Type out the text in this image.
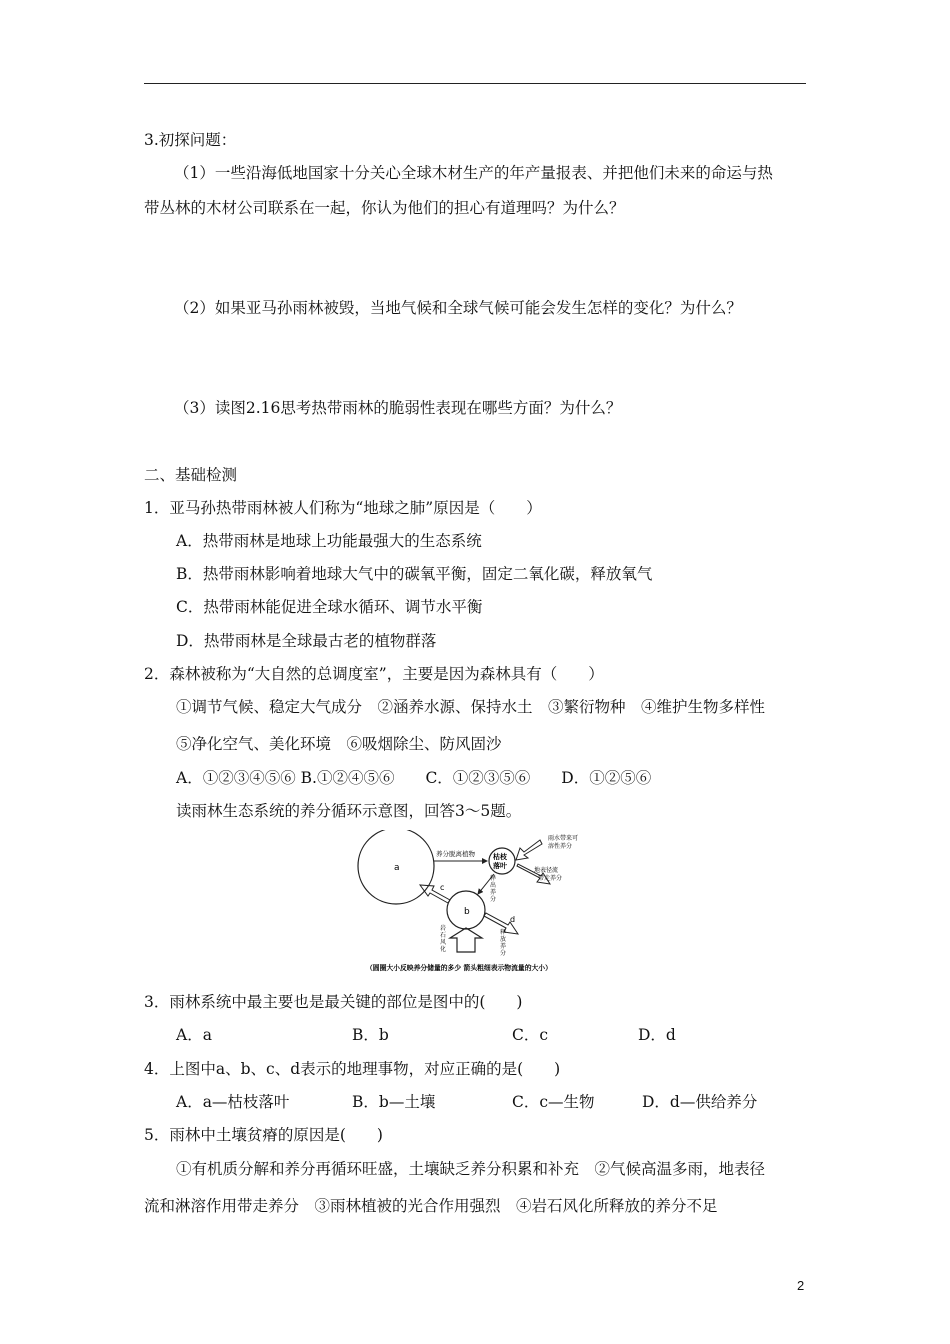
3.初探问题：
（1）一些沿海低地国家十分关心全球木材生产的年产量报表、并把他们未来的命运与热
带丛林的木材公司联系在一起，你认为他们的担心有道理吗？为什么？
（2）如果亚马孙雨林被毁，当地气候和全球气候可能会发生怎样的变化？为什么？
（3）读图2.16思考热带雨林的脆弱性表现在哪些方面？为什么？
二、基础检测
1．亚马孙热带雨林被人们称为“地球之肺”原因是（　　）
A．热带雨林是地球上功能最强大的生态系统
B．热带雨林影响着地球大气中的碳氧平衡，固定二氧化碳，释放氧气
C．热带雨林能促进全球水循环、调节水平衡
D．热带雨林是全球最古老的植物群落
2．森林被称为“大自然的总调度室”，主要是因为森林具有（　　）
①调节气候、稳定大气成分　②涵养水源、保持水土　③繁衍物种　④维护生物多样性
⑤净化空气、美化环境　⑥吸烟除尘、防风固沙
A．①②③④⑤⑥ B.①②④⑤⑥　　C．①②③⑤⑥　　D．①②⑤⑥
读雨林生态系统的养分循环示意图，回答3～5题。
a
枯枝
落叶
b
养分脱离植物
雨水带来可
溶性养分
地表径流
带走养分
释
出
养
分
c
d
释
放
养
分
岩
石
风
化
（圆圈大小反映养分储量的多少 箭头粗细表示物流量的大小）
3．雨林系统中最主要也是最关键的部位是图中的(　　)
A．a	B．b	C．c	D．d
4．上图中a、b、c、d表示的地理事物，对应正确的是(　　)
A．a—枯枝落叶	B．b—土壤	C．c—生物	D．d—供给养分
5．雨林中土壤贫瘠的原因是(　　)
①有机质分解和养分再循环旺盛，土壤缺乏养分积累和补充　②气候高温多雨，地表径
流和淋溶作用带走养分　③雨林植被的光合作用强烈　④岩石风化所释放的养分不足
2
